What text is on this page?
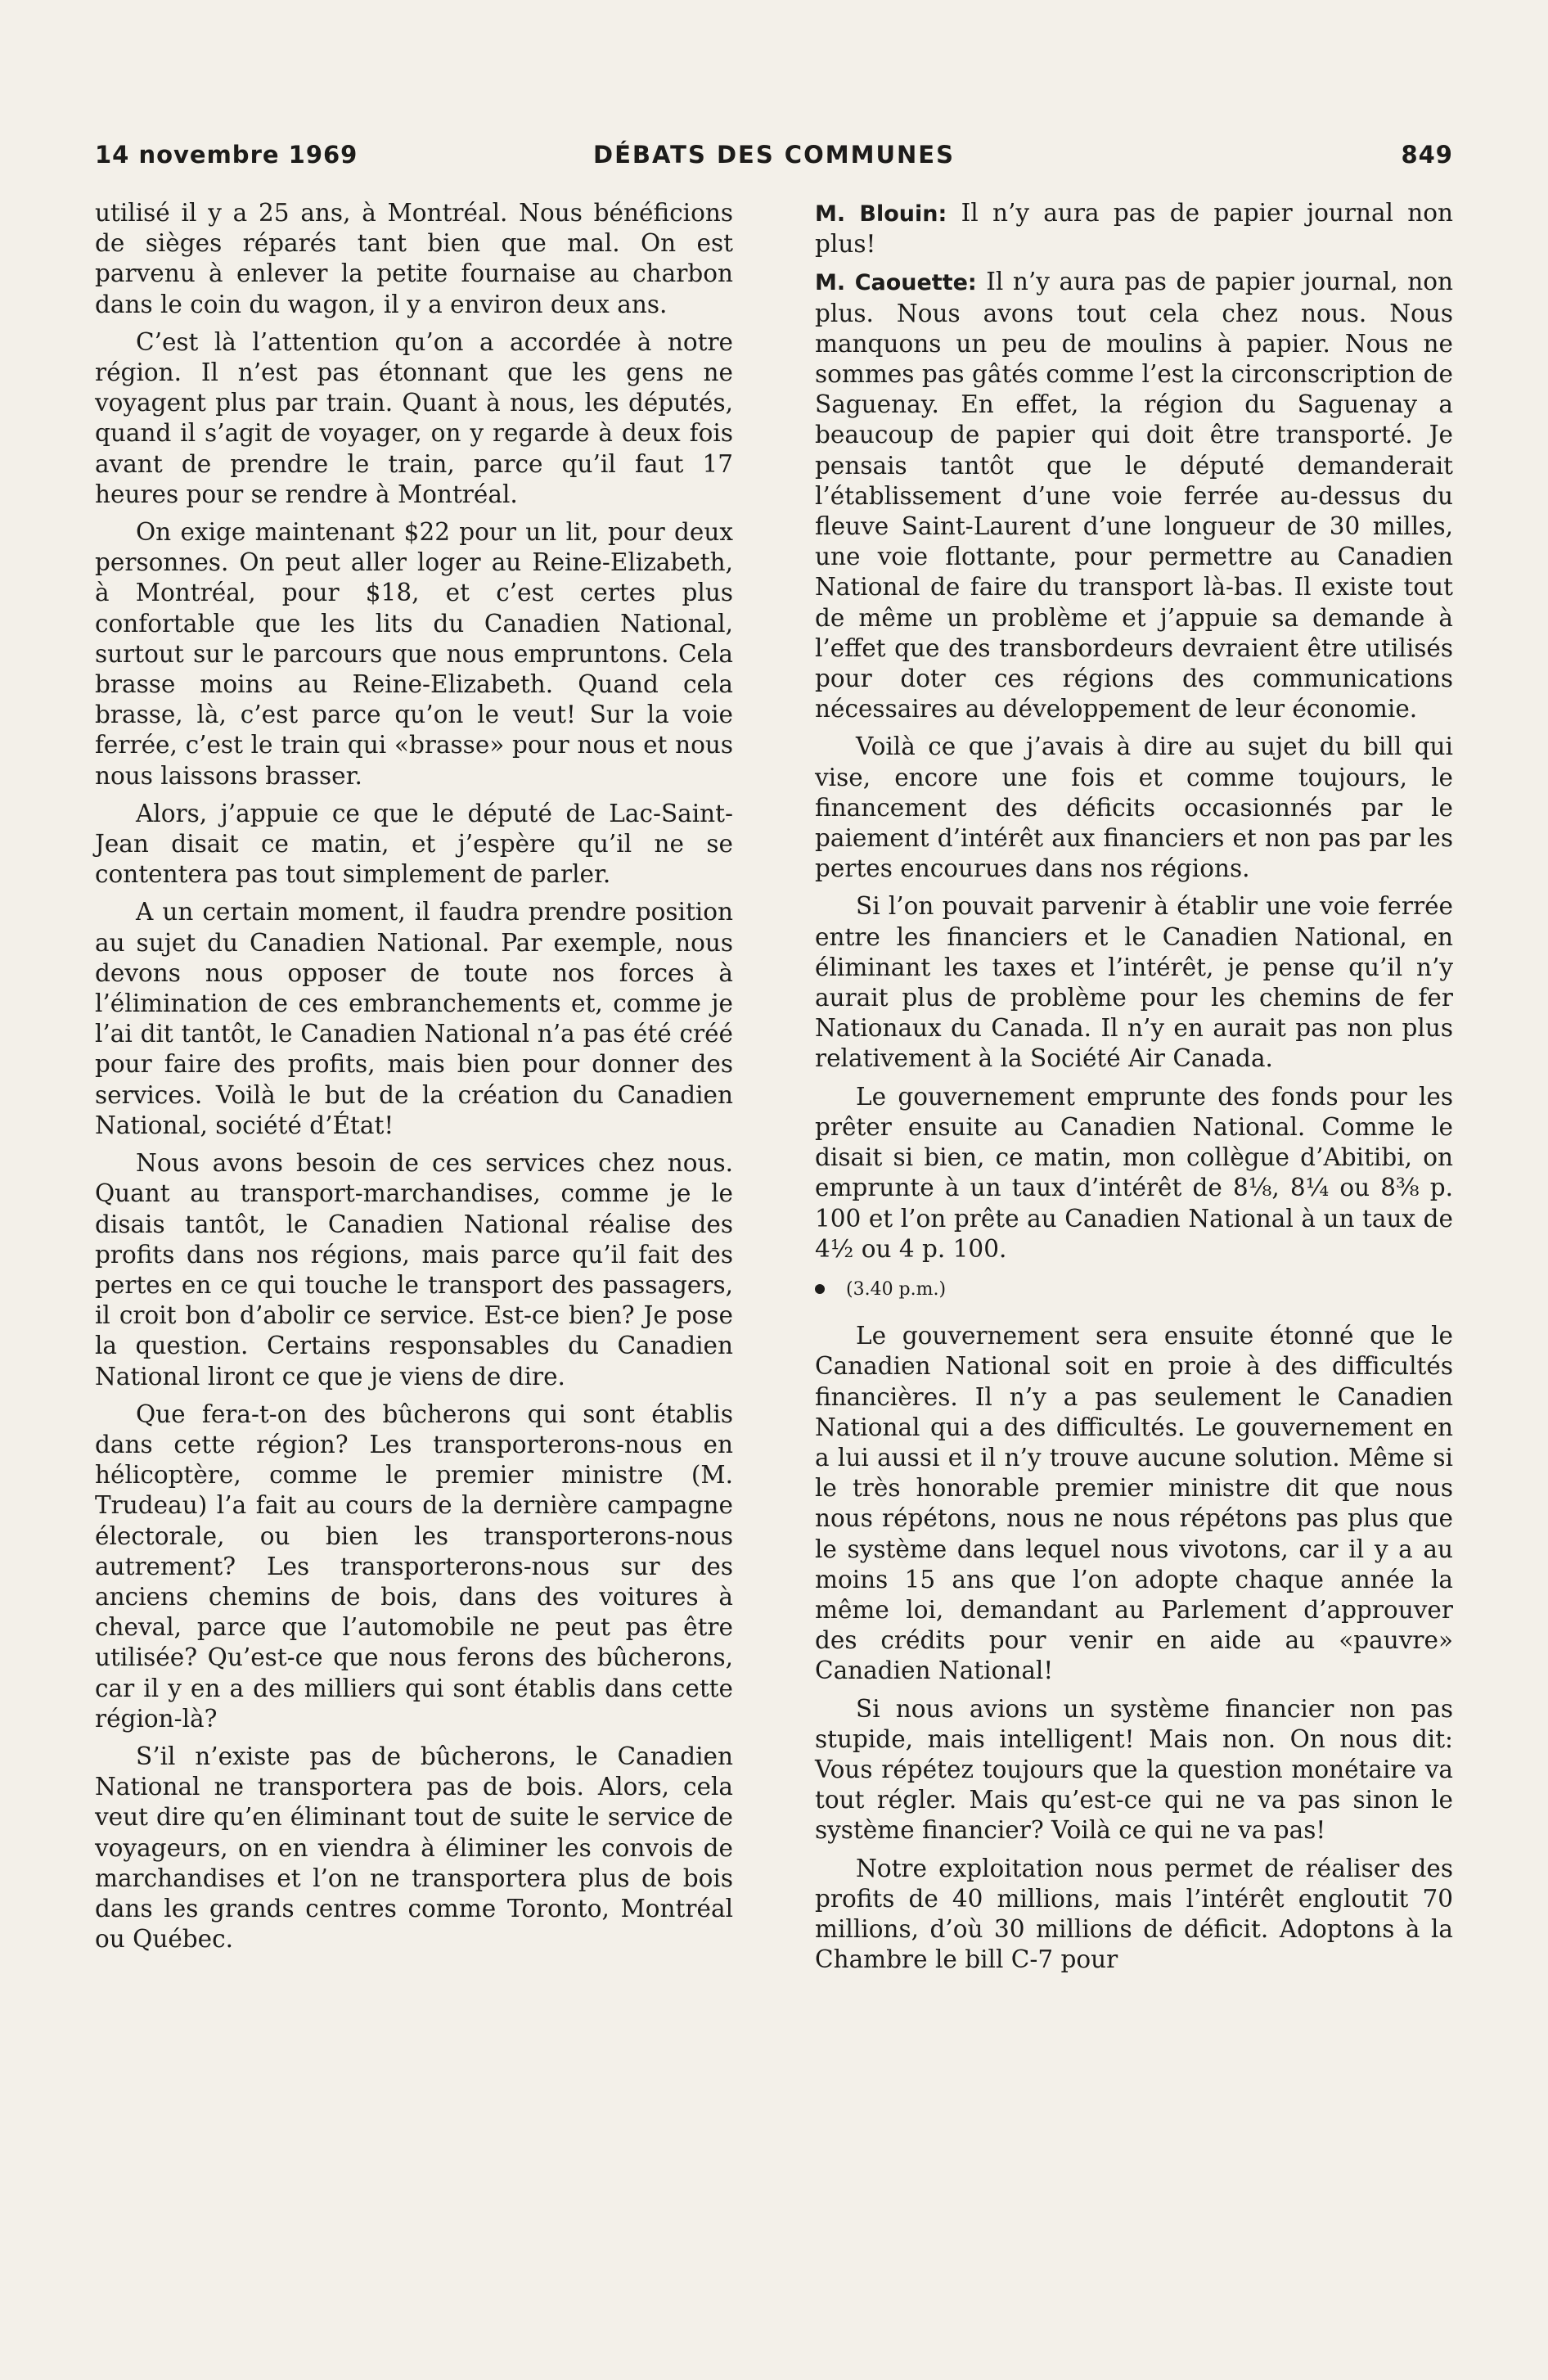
14 novembre 1969	DÉBATS DES COMMUNES	849

utilisé il y a 25 ans, à Montréal. Nous bénéficions de sièges réparés tant bien que mal. On est parvenu à enlever la petite fournaise au charbon dans le coin du wagon, il y a environ deux ans.

C’est là l’attention qu’on a accordée à notre région. Il n’est pas étonnant que les gens ne voyagent plus par train. Quant à nous, les députés, quand il s’agit de voyager, on y regarde à deux fois avant de prendre le train, parce qu’il faut 17 heures pour se rendre à Montréal.

On exige maintenant $22 pour un lit, pour deux personnes. On peut aller loger au Reine-Elizabeth, à Montréal, pour $18, et c’est certes plus confortable que les lits du Canadien National, surtout sur le parcours que nous empruntons. Cela brasse moins au Reine-Elizabeth. Quand cela brasse, là, c’est parce qu’on le veut! Sur la voie ferrée, c’est le train qui «brasse» pour nous et nous nous laissons brasser.

Alors, j’appuie ce que le député de Lac-Saint-Jean disait ce matin, et j’espère qu’il ne se contentera pas tout simplement de parler.

A un certain moment, il faudra prendre position au sujet du Canadien National. Par exemple, nous devons nous opposer de toute nos forces à l’élimination de ces embranchements et, comme je l’ai dit tantôt, le Canadien National n’a pas été créé pour faire des profits, mais bien pour donner des services. Voilà le but de la création du Canadien National, société d’État!

Nous avons besoin de ces services chez nous. Quant au transport-marchandises, comme je le disais tantôt, le Canadien National réalise des profits dans nos régions, mais parce qu’il fait des pertes en ce qui touche le transport des passagers, il croit bon d’abolir ce service. Est-ce bien? Je pose la question. Certains responsables du Canadien National liront ce que je viens de dire.

Que fera-t-on des bûcherons qui sont établis dans cette région? Les transporterons-nous en hélicoptère, comme le premier ministre (M. Trudeau) l’a fait au cours de la dernière campagne électorale, ou bien les transporterons-nous autrement? Les transporterons-nous sur des anciens chemins de bois, dans des voitures à cheval, parce que l’automobile ne peut pas être utilisée? Qu’est-ce que nous ferons des bûcherons, car il y en a des milliers qui sont établis dans cette région-là?

S’il n’existe pas de bûcherons, le Canadien National ne transportera pas de bois. Alors, cela veut dire qu’en éliminant tout de suite le service de voyageurs, on en viendra à éliminer les convois de marchandises et l’on ne transportera plus de bois dans les grands centres comme Toronto, Montréal ou Québec.

M. Blouin: Il n’y aura pas de papier journal non plus!

M. Caouette: Il n’y aura pas de papier journal, non plus. Nous avons tout cela chez nous. Nous manquons un peu de moulins à papier. Nous ne sommes pas gâtés comme l’est la circonscription de Saguenay. En effet, la région du Saguenay a beaucoup de papier qui doit être transporté. Je pensais tantôt que le député demanderait l’établissement d’une voie ferrée au-dessus du fleuve Saint-Laurent d’une longueur de 30 milles, une voie flottante, pour permettre au Canadien National de faire du transport là-bas. Il existe tout de même un problème et j’appuie sa demande à l’effet que des transbordeurs devraient être utilisés pour doter ces régions des communications nécessaires au développement de leur économie.

Voilà ce que j’avais à dire au sujet du bill qui vise, encore une fois et comme toujours, le financement des déficits occasionnés par le paiement d’intérêt aux financiers et non pas par les pertes encourues dans nos régions.

Si l’on pouvait parvenir à établir une voie ferrée entre les financiers et le Canadien National, en éliminant les taxes et l’intérêt, je pense qu’il n’y aurait plus de problème pour les chemins de fer Nationaux du Canada. Il n’y en aurait pas non plus relativement à la Société Air Canada.

Le gouvernement emprunte des fonds pour les prêter ensuite au Canadien National. Comme le disait si bien, ce matin, mon collègue d’Abitibi, on emprunte à un taux d’intérêt de 8⅛, 8¼ ou 8⅜ p. 100 et l’on prête au Canadien National à un taux de 4½ ou 4 p. 100.

(3.40 p.m.)

Le gouvernement sera ensuite étonné que le Canadien National soit en proie à des difficultés financières. Il n’y a pas seulement le Canadien National qui a des difficultés. Le gouvernement en a lui aussi et il n’y trouve aucune solution. Même si le très honorable premier ministre dit que nous nous répétons, nous ne nous répétons pas plus que le système dans lequel nous vivotons, car il y a au moins 15 ans que l’on adopte chaque année la même loi, demandant au Parlement d’approuver des crédits pour venir en aide au «pauvre» Canadien National!

Si nous avions un système financier non pas stupide, mais intelligent! Mais non. On nous dit: Vous répétez toujours que la question monétaire va tout régler. Mais qu’est-ce qui ne va pas sinon le système financier? Voilà ce qui ne va pas!

Notre exploitation nous permet de réaliser des profits de 40 millions, mais l’intérêt engloutit 70 millions, d’où 30 millions de déficit. Adoptons à la Chambre le bill C-7 pour
